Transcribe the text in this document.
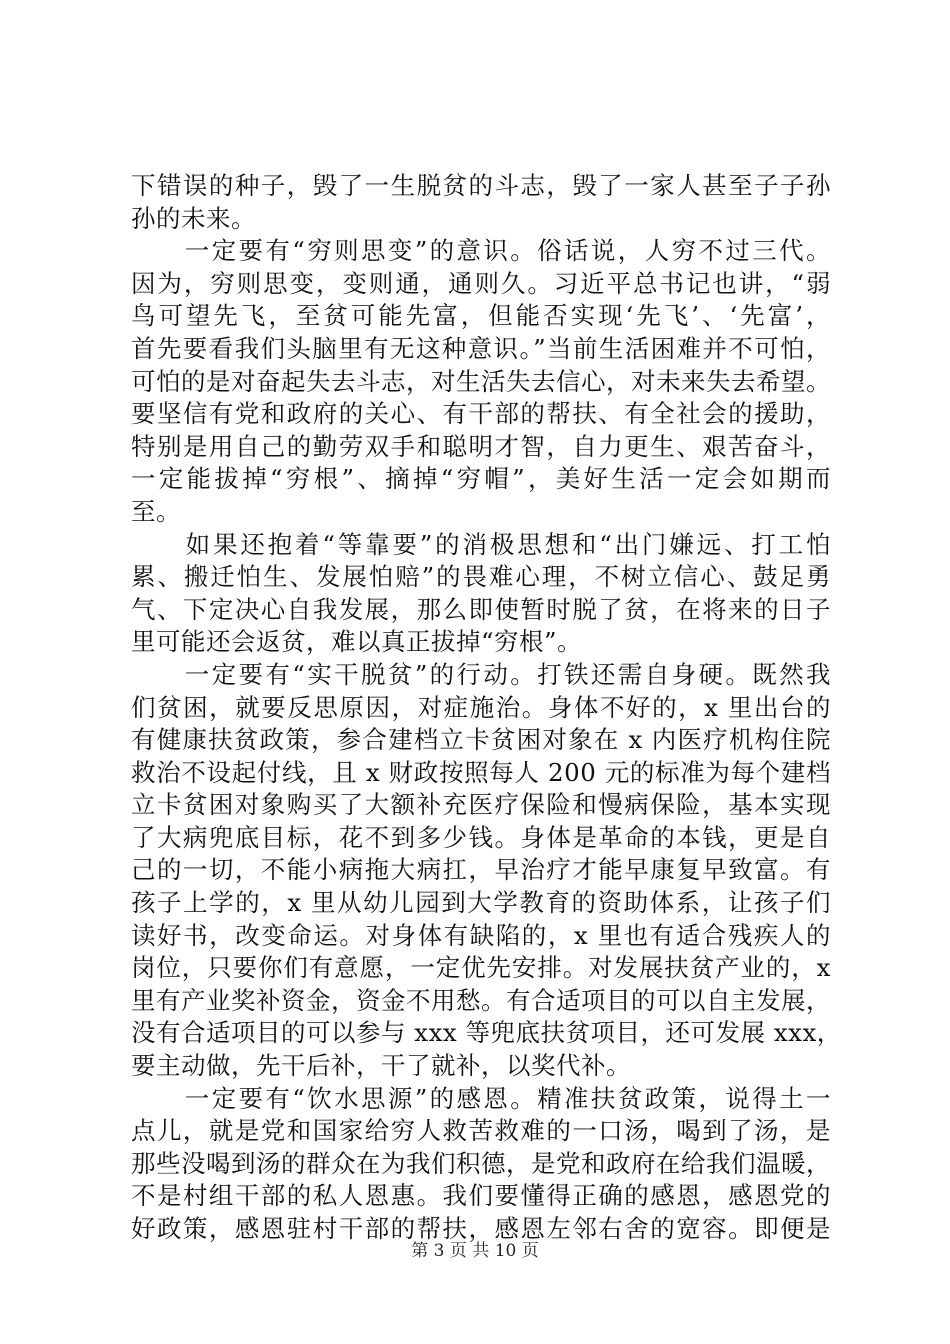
下错误的种子，毁了一生脱贫的斗志，毁了一家人甚至子子孙
孙的未来。
　　一定要有“穷则思变”的意识。俗话说，人穷不过三代。
因为，穷则思变，变则通，通则久。习近平总书记也讲，“弱
鸟可望先飞，至贫可能先富，但能否实现‘先飞’、‘先富’，
首先要看我们头脑里有无这种意识。”当前生活困难并不可怕，
可怕的是对奋起失去斗志，对生活失去信心，对未来失去希望。
要坚信有党和政府的关心、有干部的帮扶、有全社会的援助，
特别是用自己的勤劳双手和聪明才智，自力更生、艰苦奋斗，
一定能拔掉“穷根”、摘掉“穷帽”，美好生活一定会如期而
至。
　　如果还抱着“等靠要”的消极思想和“出门嫌远、打工怕
累、搬迁怕生、发展怕赔”的畏难心理，不树立信心、鼓足勇
气、下定决心自我发展，那么即使暂时脱了贫，在将来的日子
里可能还会返贫，难以真正拔掉“穷根”。
　　一定要有“实干脱贫”的行动。打铁还需自身硬。既然我
们贫困，就要反思原因，对症施治。身体不好的，x 里出台的
有健康扶贫政策，参合建档立卡贫困对象在 x 内医疗机构住院
救治不设起付线，且 x 财政按照每人 200 元的标准为每个建档
立卡贫困对象购买了大额补充医疗保险和慢病保险，基本实现
了大病兜底目标，花不到多少钱。身体是革命的本钱，更是自
己的一切，不能小病拖大病扛，早治疗才能早康复早致富。有
孩子上学的，x 里从幼儿园到大学教育的资助体系，让孩子们
读好书，改变命运。对身体有缺陷的，x 里也有适合残疾人的
岗位，只要你们有意愿，一定优先安排。对发展扶贫产业的，x
里有产业奖补资金，资金不用愁。有合适项目的可以自主发展，
没有合适项目的可以参与 xxx 等兜底扶贫项目，还可发展 xxx，
要主动做，先干后补，干了就补，以奖代补。
　　一定要有“饮水思源”的感恩。精准扶贫政策，说得土一
点儿，就是党和国家给穷人救苦救难的一口汤，喝到了汤，是
那些没喝到汤的群众在为我们积德，是党和政府在给我们温暖，
不是村组干部的私人恩惠。我们要懂得正确的感恩，感恩党的
好政策，感恩驻村干部的帮扶，感恩左邻右舍的宽容。即便是
第 3 页 共 10 页
